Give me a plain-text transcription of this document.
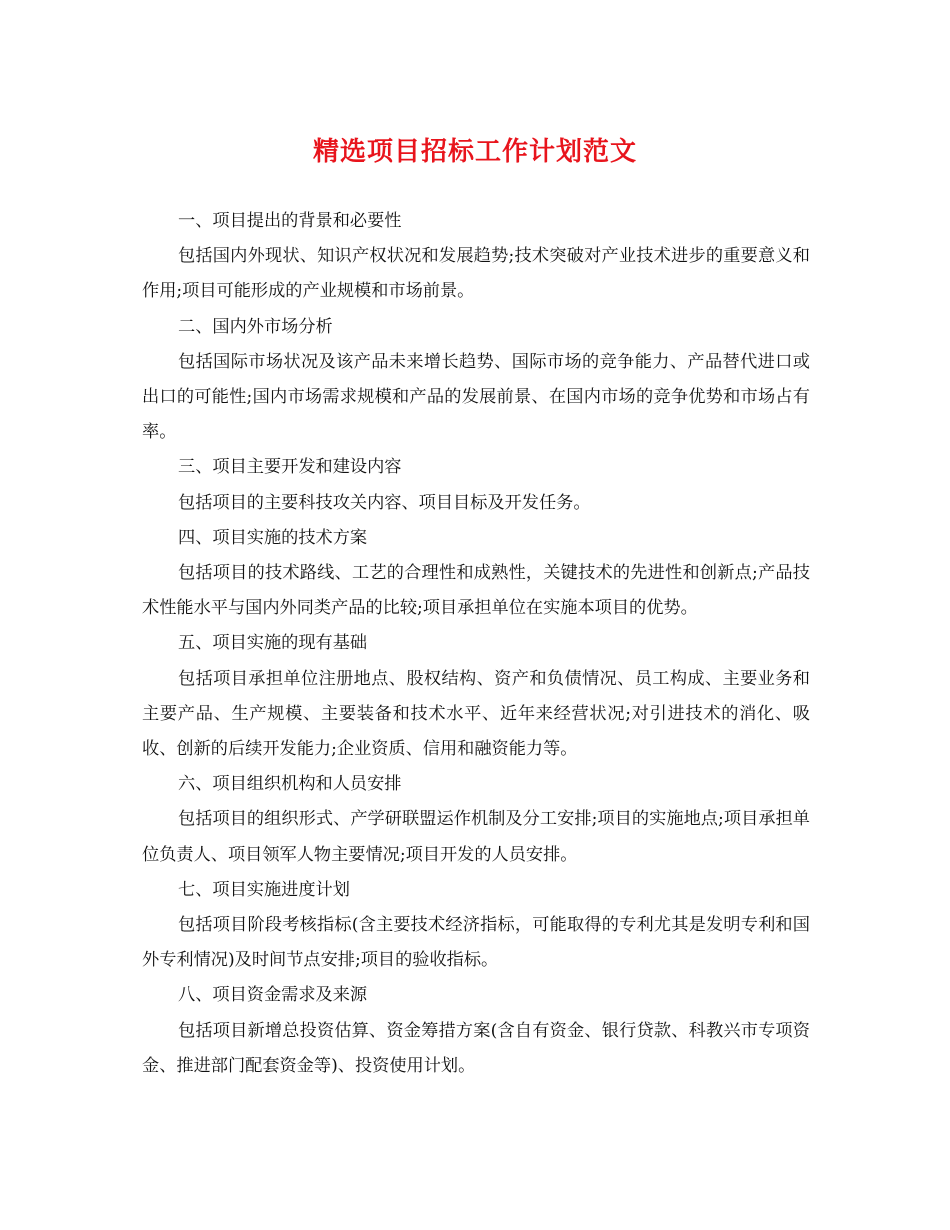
精选项目招标工作计划范文

一、项目提出的背景和必要性

包括国内外现状、知识产权状况和发展趋势;技术突破对产业技术进步的重要意义和作用;项目可能形成的产业规模和市场前景。

二、国内外市场分析

包括国际市场状况及该产品未来增长趋势、国际市场的竞争能力、产品替代进口或出口的可能性;国内市场需求规模和产品的发展前景、在国内市场的竞争优势和市场占有率。

三、项目主要开发和建设内容

包括项目的主要科技攻关内容、项目目标及开发任务。

四、项目实施的技术方案

包括项目的技术路线、工艺的合理性和成熟性，关键技术的先进性和创新点;产品技术性能水平与国内外同类产品的比较;项目承担单位在实施本项目的优势。

五、项目实施的现有基础

包括项目承担单位注册地点、股权结构、资产和负债情况、员工构成、主要业务和主要产品、生产规模、主要装备和技术水平、近年来经营状况;对引进技术的消化、吸收、创新的后续开发能力;企业资质、信用和融资能力等。

六、项目组织机构和人员安排

包括项目的组织形式、产学研联盟运作机制及分工安排;项目的实施地点;项目承担单位负责人、项目领军人物主要情况;项目开发的人员安排。

七、项目实施进度计划

包括项目阶段考核指标(含主要技术经济指标，可能取得的专利尤其是发明专利和国外专利情况)及时间节点安排;项目的验收指标。

八、项目资金需求及来源

包括项目新增总投资估算、资金筹措方案(含自有资金、银行贷款、科教兴市专项资金、推进部门配套资金等)、投资使用计划。
